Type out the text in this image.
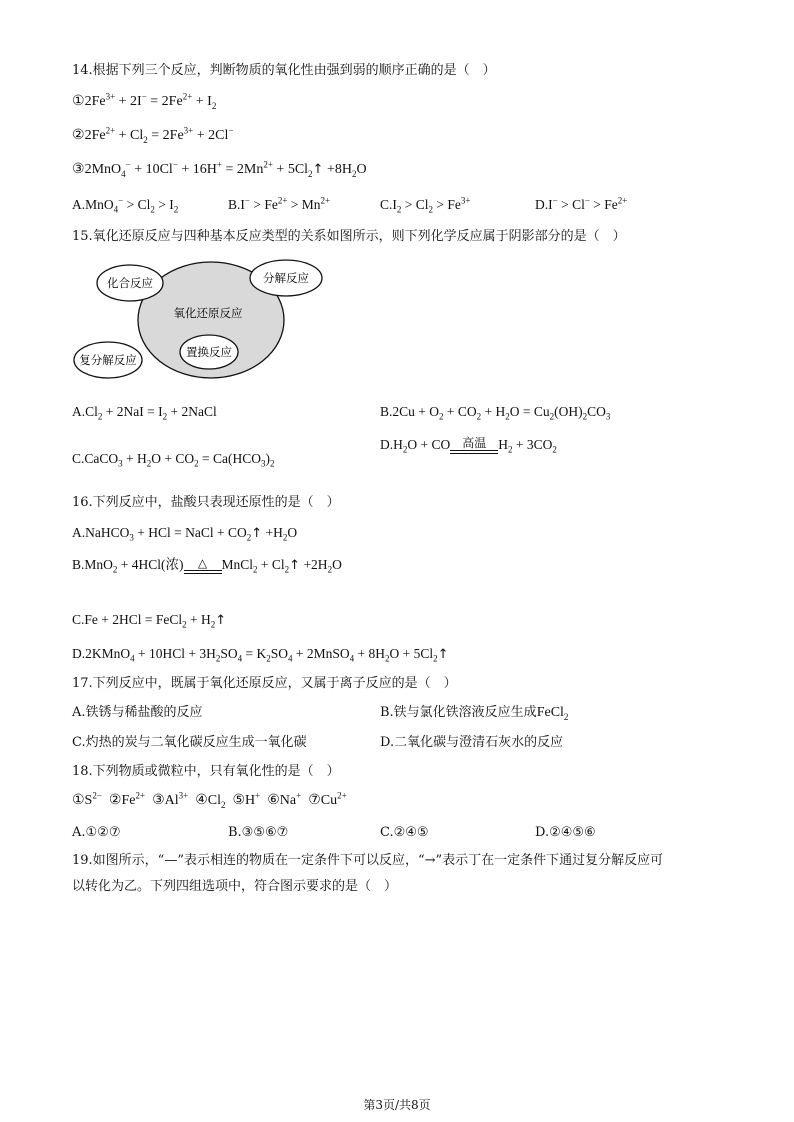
14.根据下列三个反应，判断物质的氧化性由强到弱的顺序正确的是（　）
$①2Fe^{3+} + 2I^- = 2Fe^{2+} + I_2$
$②2Fe^{2+} + Cl_2 = 2Fe^{3+} + 2Cl^-$
③2MnO$_4$− + $10Cl^- + 16H^+ = 2Mn^{2+}$ + $5Cl_2↑ +8H_2O$
$A.MnO_4^- > Cl_2 > I_2$	$B.I^- > Fe^{2+} > Mn^{2+}$	$C.I_2 > Cl_2 > Fe^{3+}$	$D.I^- > Cl^- > Fe^{2+}$
15.氧化还原反应与四种基本反应类型的关系如图所示，则下列化学反应属于阴影部分的是（　）
化合反应	分解反应
氧化还原反应
置换反应
复分解反应
$A.Cl_2 + 2NaI = I_2$ + 2NaCl	$B.2Cu + O_2 + CO_2 + H_2O = Cu_2(OH)_2CO_3$
C.CaCO$_3$ + $H_2O + CO_2 = Ca(HCO_3)_2$
$D.H_2O$ + CO 高温 $H_2 + 3CO_2$
16.下列反应中，盐酸只表现还原性的是（　）
A.NaHCO$_3$ + HCl = NaCl + $CO_2↑ +H_2O$
B.MnO$_2$ + 4HCl(浓)	△	MnCl$_2$ + $Cl_2↑ +2H_2O$
C.Fe + 2HCl = FeCl$_2$ + $H_2↑$
D.2KMnO$_4$ + $10HCl + 3H_2SO_4 = K_2SO_4$ + 2MnSO$_4$ + $8H_2O$ + $5Cl_2↑$
17.下列反应中，既属于氧化还原反应，又属于离子反应的是（　）
A.铁锈与稀盐酸的反应	B.铁与氯化铁溶液反应生成FeCl$_2$
C.灼热的炭与二氧化碳反应生成一氧化碳	D.二氧化碳与澄清石灰水的反应
18.下列物质或微粒中，只有氧化性的是（　）
$①S^{2-}$  $②Fe^{2+}$  $③Al^{3+}$  $④Cl_2$  ⑤H+  ⑥Na+  $⑦Cu^{2+}$
A.①②⑦	B.③⑤⑥⑦	C.②④⑤	D.②④⑤⑥
19.如图所示，“—”表示相连的物质在一定条件下可以反应，“→”表示丁在一定条件下通过复分解反应可
以转化为乙。下列四组选项中，符合图示要求的是（　）
第3页/共8页
